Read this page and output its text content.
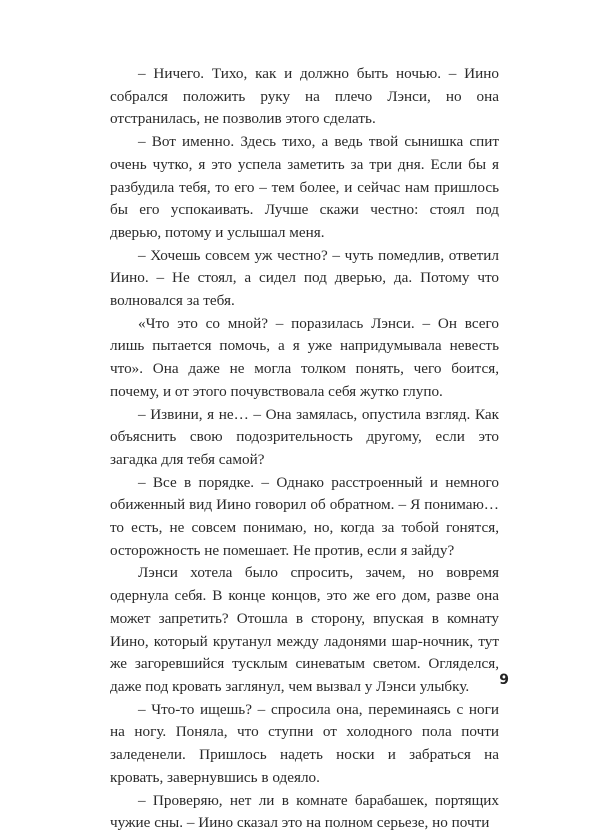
– Ничего. Тихо, как и должно быть ночью. – Иино собрался положить руку на плечо Лэнси, но она отстранилась, не позволив этого сделать.

– Вот именно. Здесь тихо, а ведь твой сынишка спит очень чутко, я это успела заметить за три дня. Если бы я разбудила тебя, то его – тем более, и сейчас нам пришлось бы его успокаивать. Лучше скажи честно: стоял под дверью, потому и услышал меня.

– Хочешь совсем уж честно? – чуть помедлив, ответил Иино. – Не стоял, а сидел под дверью, да. Потому что волновался за тебя.

«Что это со мной? – поразилась Лэнси. – Он всего лишь пытается помочь, а я уже напридумывала невесть что». Она даже не могла толком понять, чего боится, почему, и от этого почувствовала себя жутко глупо.

– Извини, я не… – Она замялась, опустила взгляд. Как объяснить свою подозрительность другому, если это загадка для тебя самой?

– Все в порядке. – Однако расстроенный и немного обиженный вид Иино говорил об обратном. – Я понимаю… то есть, не совсем понимаю, но, когда за тобой гонятся, осторожность не помешает. Не против, если я зайду?

Лэнси хотела было спросить, зачем, но вовремя одернула себя. В конце концов, это же его дом, разве она может запретить? Отошла в сторону, впуская в комнату Иино, который крутанул между ладонями шар-ночник, тут же загоревшийся тусклым синеватым светом. Огляделся, даже под кровать заглянул, чем вызвал у Лэнси улыбку.

– Что-то ищешь? – спросила она, переминаясь с ноги на ногу. Поняла, что ступни от холодного пола почти заледенели. Пришлось надеть носки и забраться на кровать, завернувшись в одеяло.

– Проверяю, нет ли в комнате барабашек, портящих чужие сны. – Иино сказал это на полном серьезе, но почти

9
